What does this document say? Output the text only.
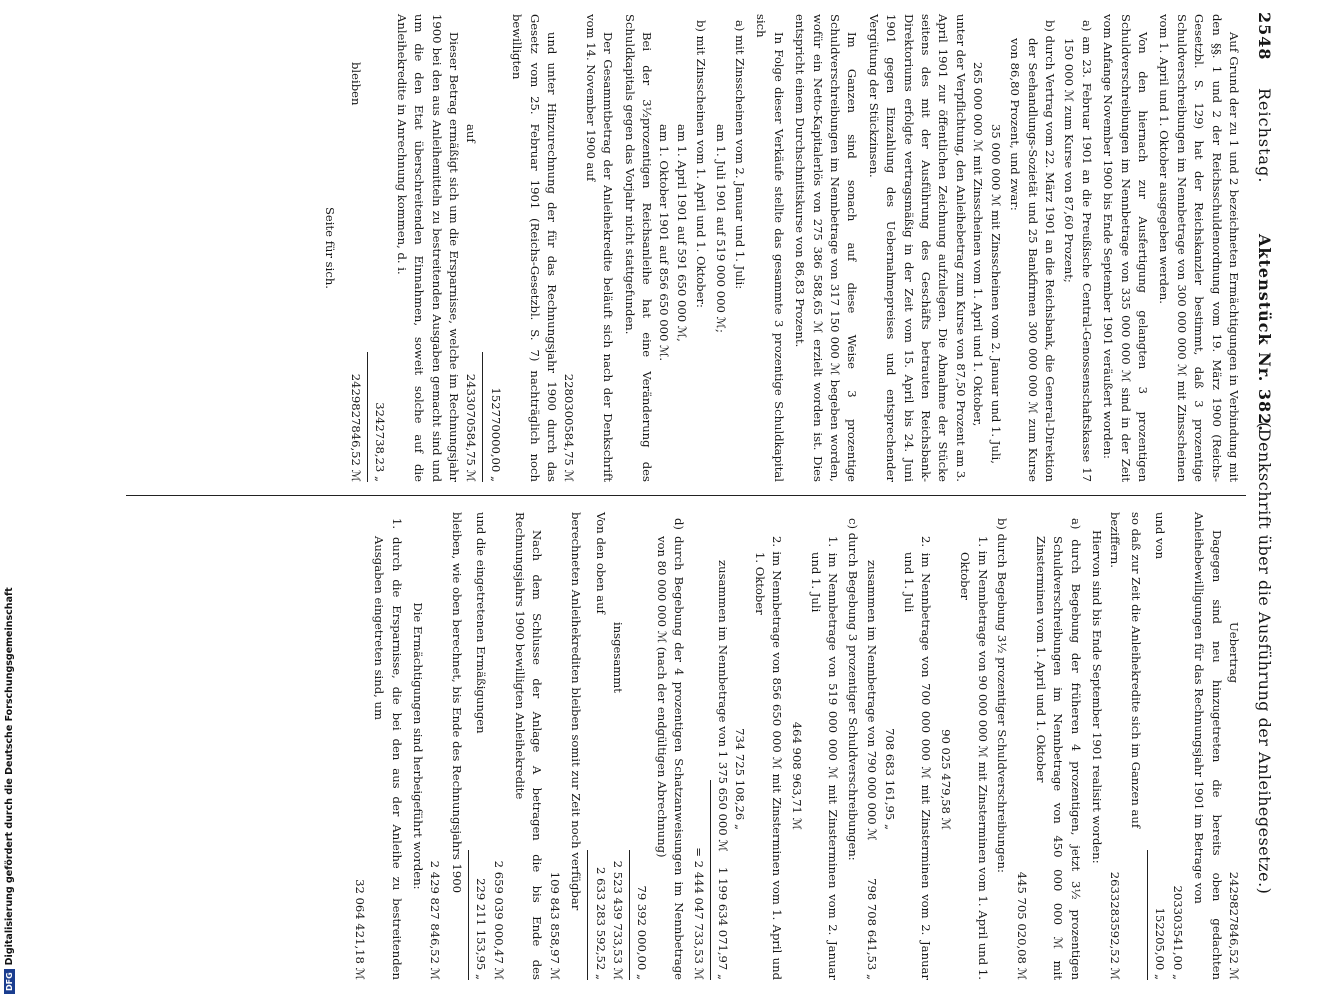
2548
Reichstag.
Aktenstück Nr. 382.
(Denkschrift über die Ausführung der Anleihegesetze.)

Auf Grund der zu 1 und 2 bezeichneten Ermächtigungen in Verbindung mit den §§. 1 und 2 der Reichsschuldenordnung vom 19. März 1900 (Reichs-Gesetzbl. S. 129) hat der Reichskanzler bestimmt, daß 3 prozentige Schuldverschreibungen im Nennbetrage von 300 000 000 ℳ mit Zinsscheinen vom 1. April und 1. Oktober ausgegeben werden.

Von den hiernach zur Ausfertigung gelangten 3 prozentigen Schuldverschreibungen im Nennbetrage von 335 000 000 ℳ sind in der Zeit vom Anfange November 1900 bis Ende September 1901 veräußert worden:

a) am 23. Februar 1901 an die Preußische Central-Genossenschaftskasse 17 150 000 ℳ zum Kurse von 87,60 Prozent;
b) durch Vertrag vom 22. März 1901 an die Reichsbank, die General-Direktion der Seehandlungs-Sozietät und 25 Bankfirmen 300 000 000 ℳ zum Kurse von 86,80 Prozent, und zwar:
35 000 000 ℳ mit Zinsscheinen vom 2. Januar und 1. Juli,
265 000 000 ℳ mit Zinsscheinen vom 1. April und 1. Oktober,

unter der Verpflichtung, den Anleihebetrag zum Kurse von 87,50 Prozent am 3. April 1901 zur öffentlichen Zeichnung aufzulegen. Die Abnahme der Stücke seitens des mit der Ausführung des Geschäfts betrauten Reichsbank-Direktoriums erfolgte vertragsmäßig in der Zeit vom 15. April bis 24. Juni 1901 gegen Einzahlung des Uebernahmepreises und entsprechender Vergütung der Stückzinsen.

Im Ganzen sind sonach auf diese Weise 3 prozentige Schuldverschreibungen im Nennbetrage von 317 150 000 ℳ begeben worden, wofür ein Netto-Kapitalerlös von 275 386 588,65 ℳ erzielt worden ist. Dies entspricht einem Durchschnittskurse von 86,83 Prozent.

In Folge dieser Verkäufe stellte das gesammte 3 prozentige Schuldkapital sich

a) mit Zinsscheinen vom 2. Januar und 1. Juli:
am 1. Juli 1901 auf 519 000 000 ℳ;
b) mit Zinsscheinen vom 1. April und 1. Oktober:
am 1. April 1901 auf 591 650 000 ℳ,
am 1. Oktober 1901 auf 856 650 000 ℳ.

Bei der 3½prozentigen Reichsanleihe hat eine Veränderung des Schuldkapitals gegen das Vorjahr nicht stattgefunden.

Der Gesammtbetrag der Anleihekredite beläuft sich nach der Denkschrift vom 14. November 1900 auf

2280300584,75 ℳ

und unter Hinzurechnung der für das Rechnungsjahr 1900 durch das Gesetz vom 25. Februar 1901 (Reichs-Gesetzbl. S. 7) nachträglich noch bewilligten

152770000,00 „
auf
2433070584,75 ℳ

Dieser Betrag ermäßigt sich um die Ersparnisse, welche im Rechnungsjahr 1900 bei den aus Anleihemitteln zu bestreitenden Ausgaben gemacht sind und um die den Etat überschreitenden Einnahmen, soweit solche auf die Anleihekredite in Anrechnung kommen, d. i.

3242738,23 „
bleiben
2429827846,52 ℳ
Seite für sich.
Uebertrag
2429827846,52 ℳ

Dagegen sind neu hinzugetreten die bereits oben gedachten Anleihebewilligungen für das Rechnungsjahr 1901 im Betrage von

203303541,00 „
und von
152205,00 „

so daß zur Zeit die Anleihekredite sich im Ganzen auf

beziffern.
2633283592,52 ℳ

Hiervon sind bis Ende September 1901 realisirt worden:

a) durch Begebung der früheren 4 prozentigen, jetzt 3½ prozentigen Schuldverschreibungen im Nennbetrage von 450 000 000 ℳ mit Zinsterminen vom 1. April und 1. Oktober
445 705 020,08 ℳ
b) durch Begebung 3½ prozentiger Schuldverschreibungen:
1. im Nennbetrage von 90 000 000 ℳ mit Zinsterminen vom 1. April und 1. Oktober
90 025 479,58 ℳ
2. im Nennbetrage von 700 000 000 ℳ mit Zinsterminen vom 2. Januar und 1. Juli
708 683 161,95 „
zusammen im Nennbetrage von 790 000 000 ℳ
798 708 641,53 „
c) durch Begebung 3 prozentiger Schuldverschreibungen:
1. im Nennbetrage von 519 000 000 ℳ mit Zinsterminen vom 2. Januar und 1. Juli
464 908 963,71 ℳ
2. im Nennbetrage von 856 650 000 ℳ mit Zinsterminen vom 1. April und 1. Oktober
734 725 108,26 „
zusammen im Nennbetrage von 1 375 650 000 ℳ
1 199 634 071,97 „
= 2 444 047 733,53 ℳ
d) durch Begebung der 4 prozentigen Schatzanweisungen im Nennbetrage von 80 000 000 ℳ (nach der endgültigen Abrechnung)
79 392 000,00 „
insgesammt
2 523 439 733,53 ℳ
Von den oben auf
2 633 283 592,52 „

berechneten Anleihekrediten bleiben somit zur Zeit noch verfügbar

109 843 858,97 ℳ

Nach dem Schlusse der Anlage A betragen die bis Ende des Rechnungsjahrs 1900 bewilligten Anleihekredite

2 659 039 000,47 ℳ
und die eingetretenen Ermäßigungen
229 211 153,95 „

bleiben, wie oben berechnet, bis Ende des Rechnungsjahrs 1900

2 429 827 846,52 ℳ

Die Ermächtigungen sind herbeigeführt worden:

1. durch die Ersparnisse, die bei den aus der Anleihe zu bestreitenden Ausgaben eingetreten sind, um
32 064 421,18 ℳ
DFGDigitalisierung gefördert durch die Deutsche Forschungsgemeinschaft
